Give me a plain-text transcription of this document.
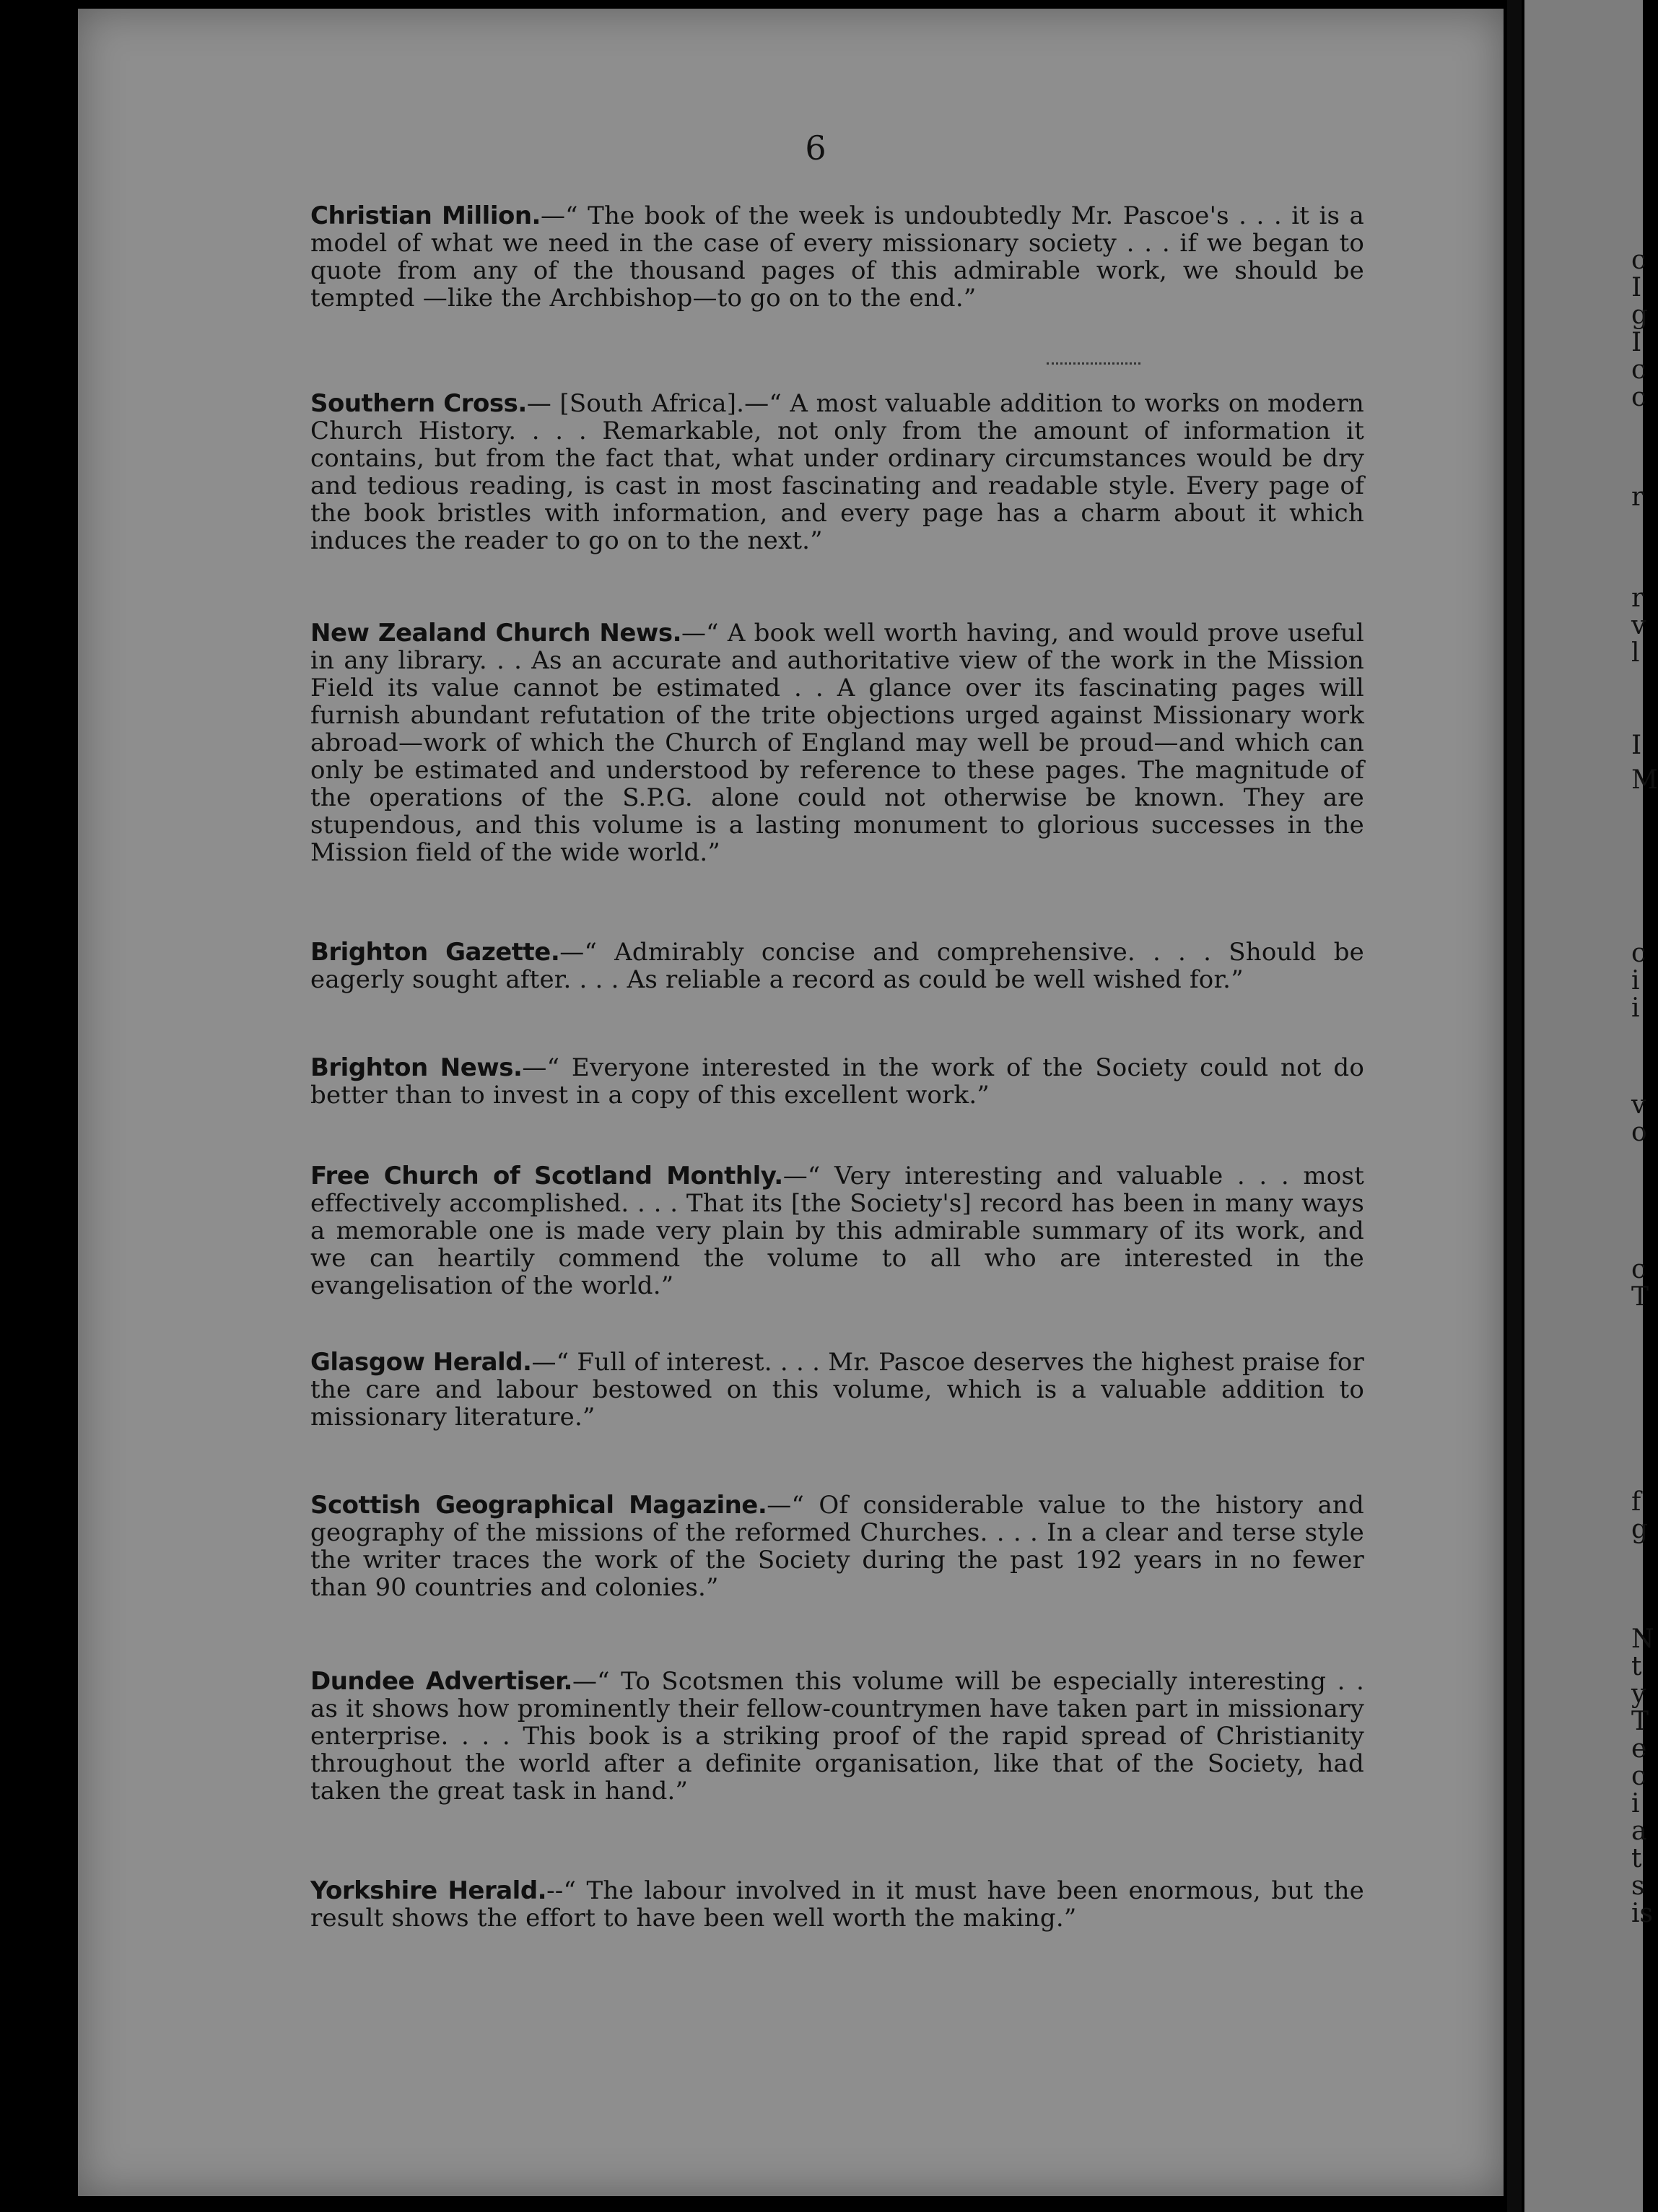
c
I
g
I
c
c
r
r
v
l
M
c
i
i
v
o
c
T
f
g
N
t
y
T
e
c
i
a
t
s
is
I
6
Christian Million.—“ The book of the week is undoubtedly Mr. Pascoe's . . . it is a model of what we need in the case of every missionary society . . . if we began to quote from any of the thousand pages of this admirable work, we should be tempted —like the Archbishop—to go on to the end.”
Southern Cross.— [South Africa].—“ A most valuable addition to works on modern Church History. . . . Remarkable, not only from the amount of information it contains, but from the fact that, what under ordinary circumstances would be dry and tedious reading, is cast in most fascinating and readable style. Every page of the book bristles with information, and every page has a charm about it which induces the reader to go on to the next.”
New Zealand Church News.—“ A book well worth having, and would prove useful in any library. . . As an accurate and authoritative view of the work in the Mission Field its value cannot be estimated . . A glance over its fascinating pages will furnish abundant refutation of the trite objections urged against Missionary work abroad—work of which the Church of England may well be proud—and which can only be estimated and understood by reference to these pages. The magnitude of the operations of the S.P.G. alone could not otherwise be known. They are stupendous, and this volume is a lasting monument to glorious successes in the Mission field of the wide world.”
Brighton Gazette.—“ Admirably concise and comprehensive. . . . Should be eagerly sought after. . . . As reliable a record as could be well wished for.”
Brighton News.—“ Everyone interested in the work of the Society could not do better than to invest in a copy of this excellent work.”
Free Church of Scotland Monthly.—“ Very interesting and valuable . . . most effectively accomplished. . . . That its [the Society's] record has been in many ways a memorable one is made very plain by this admirable summary of its work, and we can heartily commend the volume to all who are interested in the evangelisation of the world.”
Glasgow Herald.—“ Full of interest. . . . Mr. Pascoe deserves the highest praise for the care and labour bestowed on this volume, which is a valuable addition to missionary literature.”
Scottish Geographical Magazine.—“ Of considerable value to the history and geography of the missions of the reformed Churches. . . . In a clear and terse style the writer traces the work of the Society during the past 192 years in no fewer than 90 countries and colonies.”
Dundee Advertiser.—“ To Scotsmen this volume will be especially interesting . . as it shows how prominently their fellow-countrymen have taken part in missionary enterprise. . . . This book is a striking proof of the rapid spread of Christianity throughout the world after a definite organisation, like that of the Society, had taken the great task in hand.”
Yorkshire Herald.--“ The labour involved in it must have been enormous, but the result shows the effort to have been well worth the making.”
